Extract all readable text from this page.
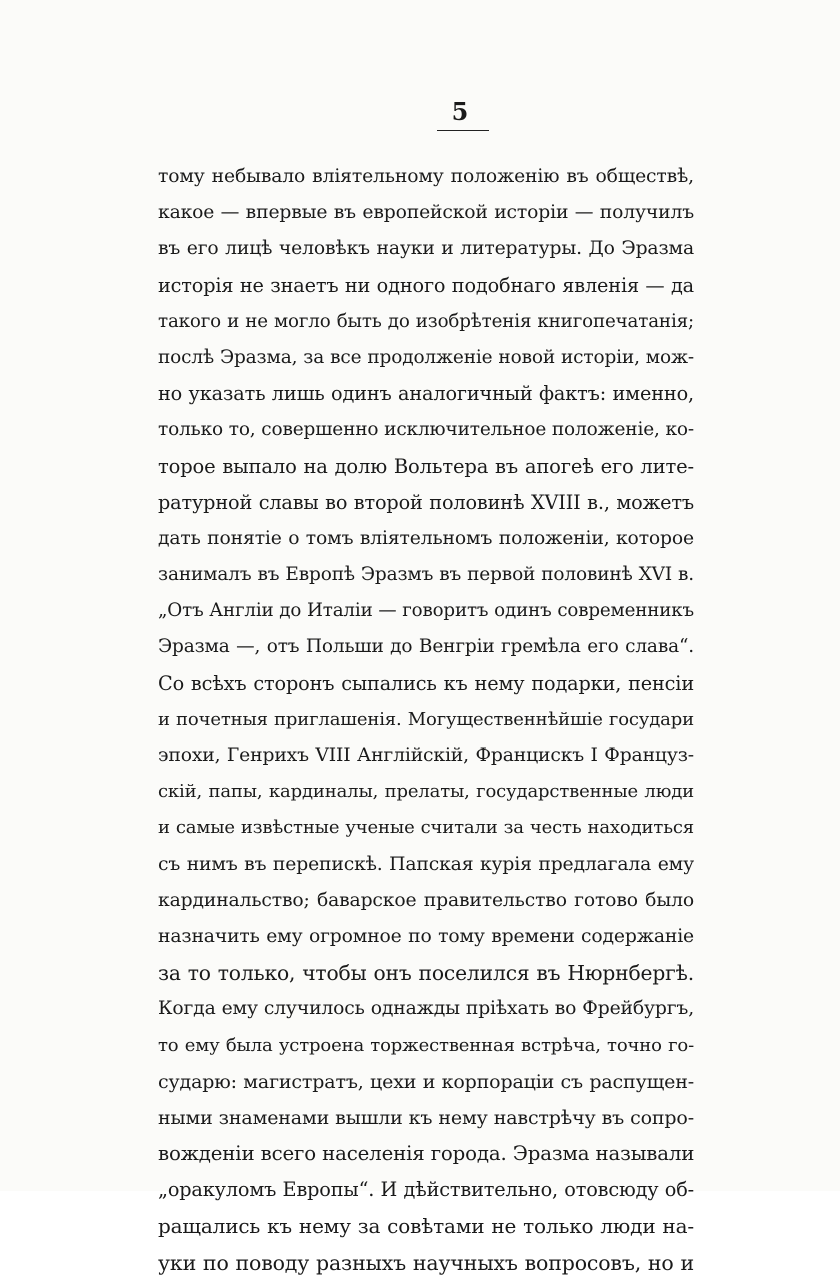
5
тому небывало вліятельному положенію въ обществѣ,
какое — впервые въ европейской исторіи — получилъ
въ его лицѣ человѣкъ науки и литературы. До Эразма
исторія не знаетъ ни одного подобнаго явленія — да
такого и не могло быть до изобрѣтенія книгопечатанія;
послѣ Эразма, за все продолженіе новой исторіи, мож-
но указать лишь одинъ аналогичный фактъ: именно,
только то, совершенно исключительное положеніе, ко-
торое выпало на долю Вольтера въ апогеѣ его лите-
ратурной славы во второй половинѣ XVIII в., можетъ
дать понятіе о томъ вліятельномъ положеніи, которое
занималъ въ Европѣ Эразмъ въ первой половинѣ XVI в.
„Отъ Англіи до Италіи — говоритъ одинъ современникъ
Эразма —, отъ Польши до Венгріи гремѣла его слава“.
Со всѣхъ сторонъ сыпались къ нему подарки, пенсіи
и почетныя приглашенія. Могущественнѣйшіе государи
эпохи, Генрихъ VIII Англійскій, Францискъ I Француз-
скій, папы, кардиналы, прелаты, государственные люди
и самые извѣстные ученые считали за честь находиться
съ нимъ въ перепискѣ. Папская курія предлагала ему
кардинальство; баварское правительство готово было
назначить ему огромное по тому времени содержаніе
за то только, чтобы онъ поселился въ Нюрнбергѣ.
Когда ему случилось однажды пріѣхать во Фрейбургъ,
то ему была устроена торжественная встрѣча, точно го-
сударю: магистратъ, цехи и корпораціи съ распущен-
ными знаменами вышли къ нему навстрѣчу въ сопро-
вожденіи всего населенія города. Эразма называли
„оракуломъ Европы“. И дѣйствительно, отовсюду об-
ращались къ нему за совѣтами не только люди на-
уки по поводу разныхъ научныхъ вопросовъ, но и
